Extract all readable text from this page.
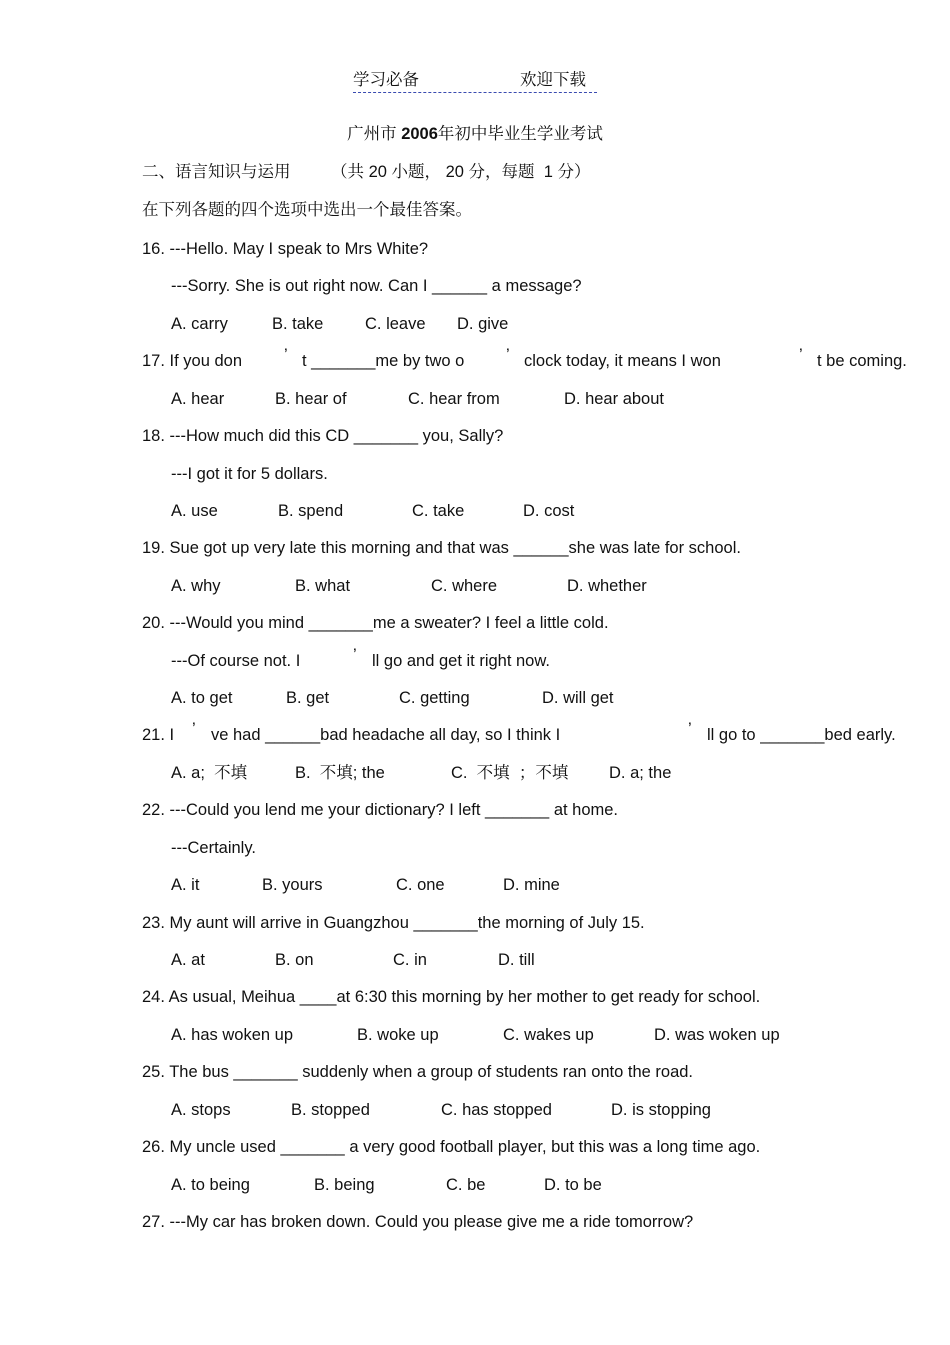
学习必备	欢迎下载
广州市 2006年初中毕业生学业考试
二、语言知识与运用 （共 20 小题， 20 分，每题  1 分）
在下列各题的四个选项中选出一个最佳答案。
16. ---Hello. May I speak to Mrs White?
---Sorry. She is out right now. Can I ______ a message?
A. carry	B. take	C. leave D. give
17. If you don	’ t _______me by two o	’ clock today, it means I won	’ t be coming.
A. hear	B. hear of	C. hear from	D. hear about
18. ---How much did this CD _______ you, Sally?
---I got it for 5 dollars.
A. use	B. spend	C. take	D. cost
19. Sue got up very late this morning and that was ______she was late for school.
A. why	B. what	C. where	D. whether
20. ---Would you mind _______me a sweater? I feel a little cold.
---Of course not. I	’ ll go and get it right now.
A. to get	B. get	C. getting	D. will get
21. I ’ ve had ______bad headache all day, so I think I	’ ll go to _______bed early.
A. a;  不填	B.  不填; the	C.  不填  ；不填 D. a; the
22. ---Could you lend me your dictionary? I left _______ at home.
---Certainly.
A. it	B. yours	C. one	D. mine
23. My aunt will arrive in Guangzhou _______the morning of July 15.
A. at	B. on	C. in	D. till
24. As usual, Meihua ____at 6:30 this morning by her mother to get ready for school.
A. has woken up	B. woke up	C. wakes up	D. was woken up
25. The bus _______ suddenly when a group of students ran onto the road.
A. stops	B. stopped	C. has stopped	D. is stopping
26. My uncle used _______ a very good football player, but this was a long time ago.
A. to being	B. being	C. be	D. to be
27. ---My car has broken down. Could you please give me a ride tomorrow?
